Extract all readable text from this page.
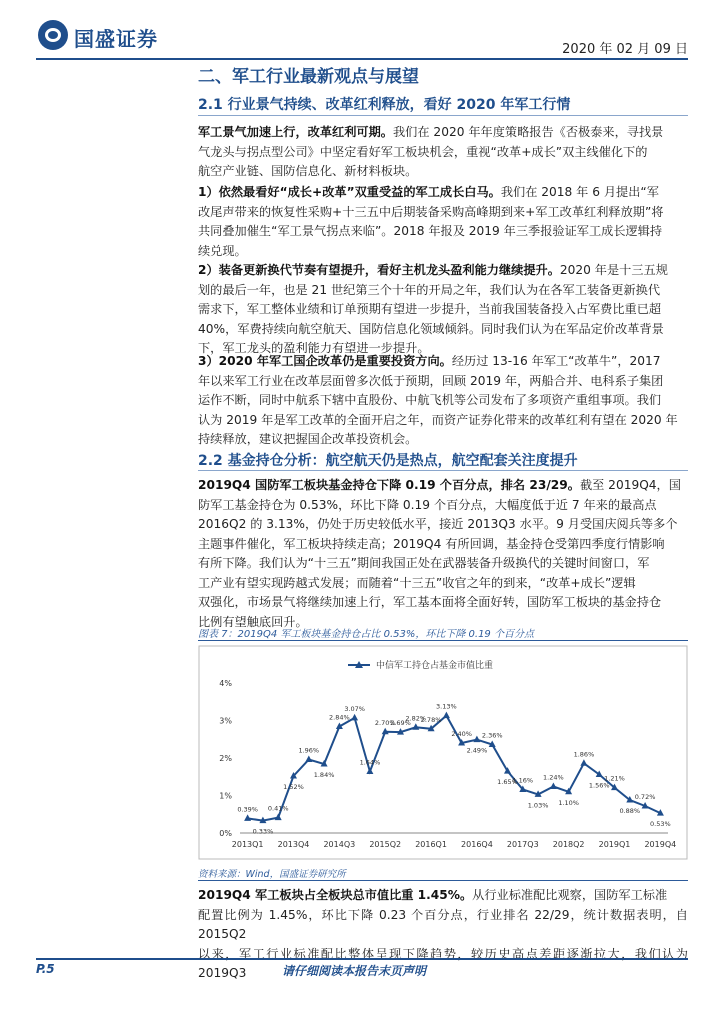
国盛证券	2020 年 02 月 09 日
二、军工行业最新观点与展望
2.1 行业景气持续、改革红利释放，看好 2020 年军工行情
军工景气加速上行，改革红利可期。我们在 2020 年年度策略报告《否极泰来，寻找景
气龙头与拐点型公司》中坚定看好军工板块机会，重视“改革+成长”双主线催化下的
航空产业链、国防信息化、新材料板块。
1）依然最看好“成长+改革”双重受益的军工成长白马。我们在 2018 年 6 月提出“军
改尾声带来的恢复性采购+十三五中后期装备采购高峰期到来+军工改革红利释放期”将
共同叠加催生“军工景气拐点来临”。2018 年报及 2019 年三季报验证军工成长逻辑持
续兑现。
2）装备更新换代节奏有望提升，看好主机龙头盈利能力继续提升。2020 年是十三五规
划的最后一年，也是 21 世纪第三个十年的开局之年，我们认为在各军工装备更新换代
需求下，军工整体业绩和订单预期有望进一步提升，当前我国装备投入占军费比重已超
40%，军费持续向航空航天、国防信息化领域倾斜。同时我们认为在军品定价改革背景
下，军工龙头的盈利能力有望进一步提升。
3）2020 年军工国企改革仍是重要投资方向。经历过 13-16 年军工“改革牛”，2017
年以来军工行业在改革层面曾多次低于预期，回顾 2019 年，两船合并、电科系子集团
运作不断，同时中航系下辖中直股份、中航飞机等公司发布了多项资产重组事项。我们
认为 2019 年是军工改革的全面开启之年，而资产证券化带来的改革红利有望在 2020 年
持续释放，建议把握国企改革投资机会。
2.2 基金持仓分析：航空航天仍是热点，航空配套关注度提升
2019Q4 国防军工板块基金持仓下降 0.19 个百分点，排名 23/29。截至 2019Q4，国
防军工基金持仓为 0.53%，环比下降 0.19 个百分点，大幅度低于近 7 年来的最高点
2016Q2 的 3.13%，仍处于历史较低水平，接近 2013Q3 水平。9 月受国庆阅兵等多个
主题事件催化，军工板块持续走高；2019Q4 有所回调，基金持仓受第四季度行情影响
有所下降。我们认为“十三五”期间我国正处在武器装备升级换代的关键时间窗口，军
工产业有望实现跨越式发展；而随着“十三五”收官之年的到来，“改革+成长”逻辑
双强化，市场景气将继续加速上行，军工基本面将全面好转，国防军工板块的基金持仓
比例有望触底回升。
图表 7：2019Q4 军工板块基金持仓占比 0.53%，环比下降 0.19 个百分点
0%
1%
2%
3%
4%
2013Q1 2013Q4 2014Q3 2015Q2 2016Q1 2016Q4 2017Q3 2018Q2 2019Q1 2019Q4
中信军工持仓占基金市值比重
0.39%
0.33%
0.41%
1.52%
1.96%
1.84%
2.84%
3.07%
1.64%
2.70%
2.69%
2.82%
2.78%
3.13%
2.40%
2.49%
2.36%
1.65%
1.16%
1.03%
1.24%
1.10%
1.86%
1.56%
1.21%
0.88%
0.72%
0.53%
资料来源：Wind，国盛证券研究所
2019Q4 军工板块占全板块总市值比重 1.45%。从行业标准配比观察，国防军工标准
配置比例为 1.45%，环比下降 0.23 个百分点，行业排名 22/29，统计数据表明，自 2015Q2
以来，军工行业标准配比整体呈现下降趋势，较历史高点差距逐渐拉大，我们认为 2019Q3
P.5	请仔细阅读本报告末页声明
